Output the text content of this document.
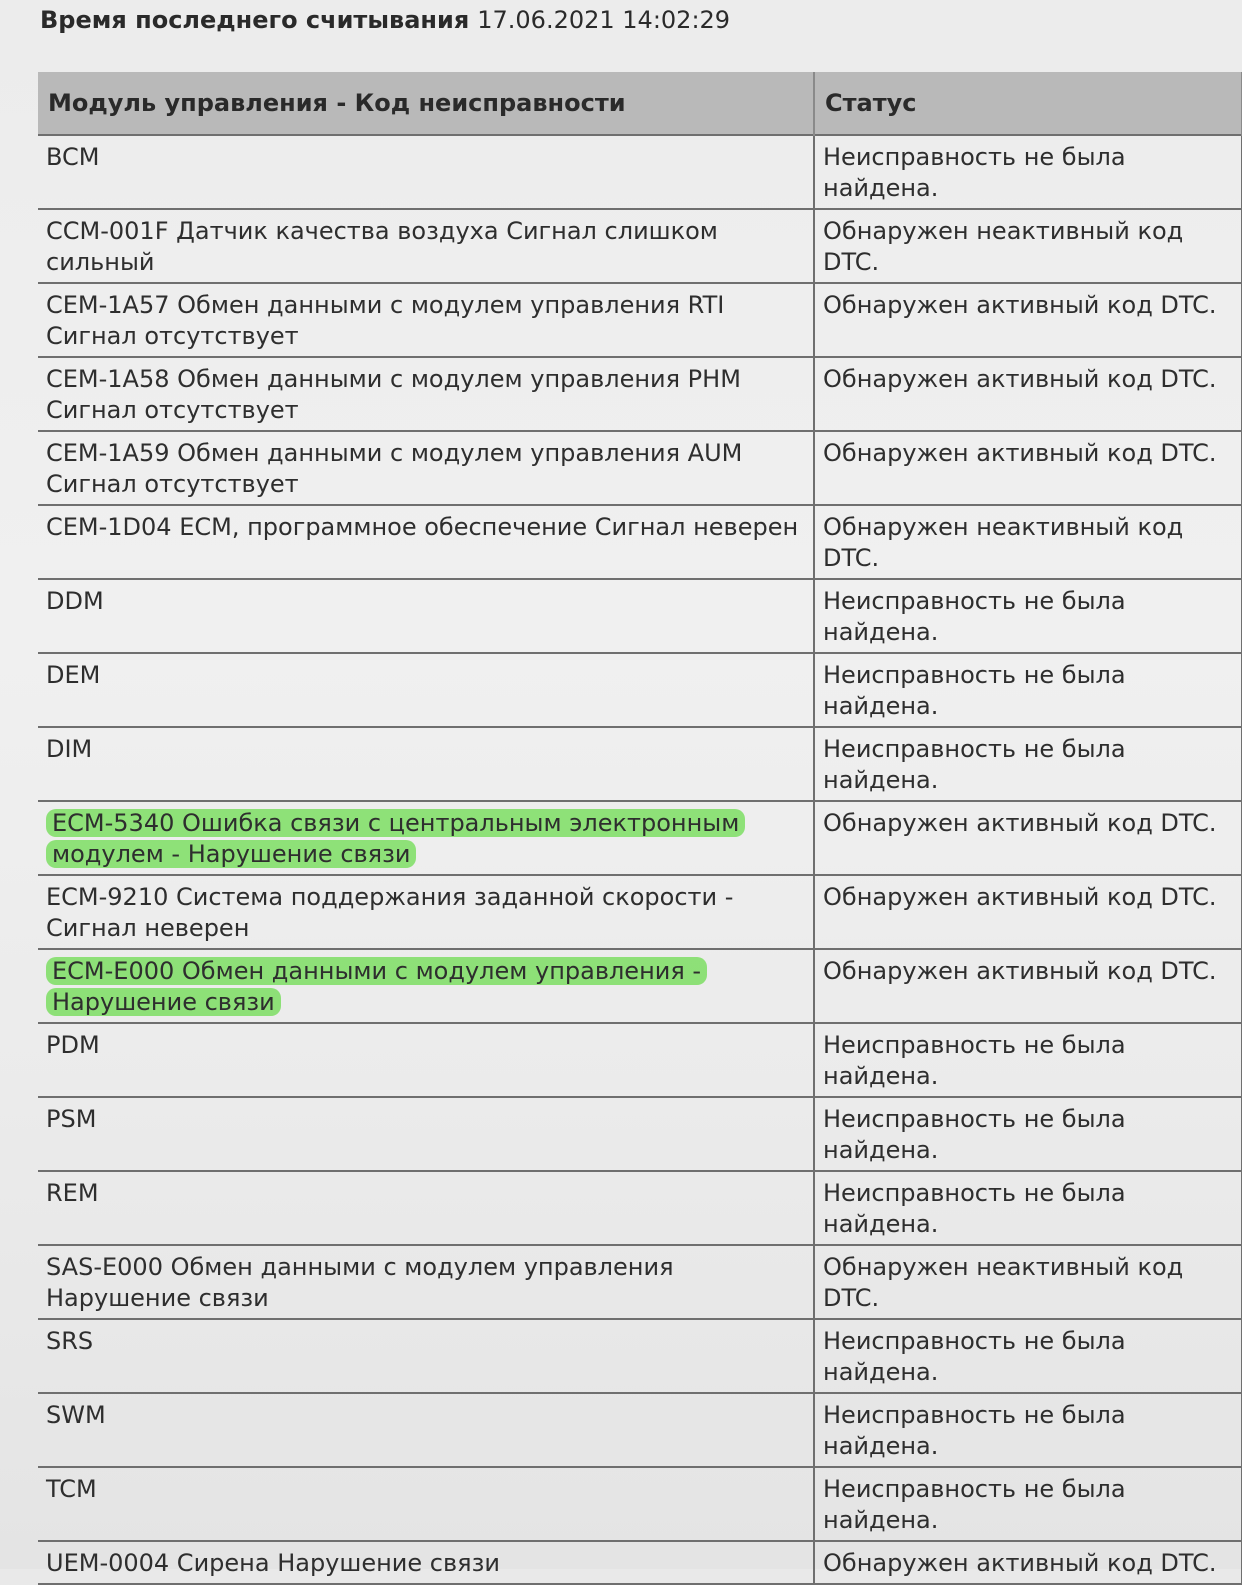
Время последнего считывания 17.06.2021 14:02:29
Модуль управления - Код неисправности	Статус
BCM	Неисправность не была найдена.
CCM-001F Датчик качества воздуха Сигнал слишком сильный	Обнаружен неактивный код DTC.
CEM-1A57 Обмен данными с модулем управления RTI Сигнал отсутствует	Обнаружен активный код DTC.
CEM-1A58 Обмен данными с модулем управления PHM Сигнал отсутствует	Обнаружен активный код DTC.
CEM-1A59 Обмен данными с модулем управления AUM Сигнал отсутствует	Обнаружен активный код DTC.
CEM-1D04 ECM, программное обеспечение Сигнал неверен	Обнаружен неактивный код DTC.
DDM	Неисправность не была найдена.
DEM	Неисправность не была найдена.
DIM	Неисправность не была найдена.
ECM-5340 Ошибка связи с центральным электронным модулем - Нарушение связи	Обнаружен активный код DTC.
ECM-9210 Система поддержания заданной скорости - Сигнал неверен	Обнаружен активный код DTC.
ECM-E000 Обмен данными с модулем управления - Нарушение связи	Обнаружен активный код DTC.
PDM	Неисправность не была найдена.
PSM	Неисправность не была найдена.
REM	Неисправность не была найдена.
SAS-E000 Обмен данными с модулем управления Нарушение связи	Обнаружен неактивный код DTC.
SRS	Неисправность не была найдена.
SWM	Неисправность не была найдена.
TCM	Неисправность не была найдена.
UEM-0004 Сирена Нарушение связи	Обнаружен активный код DTC.
